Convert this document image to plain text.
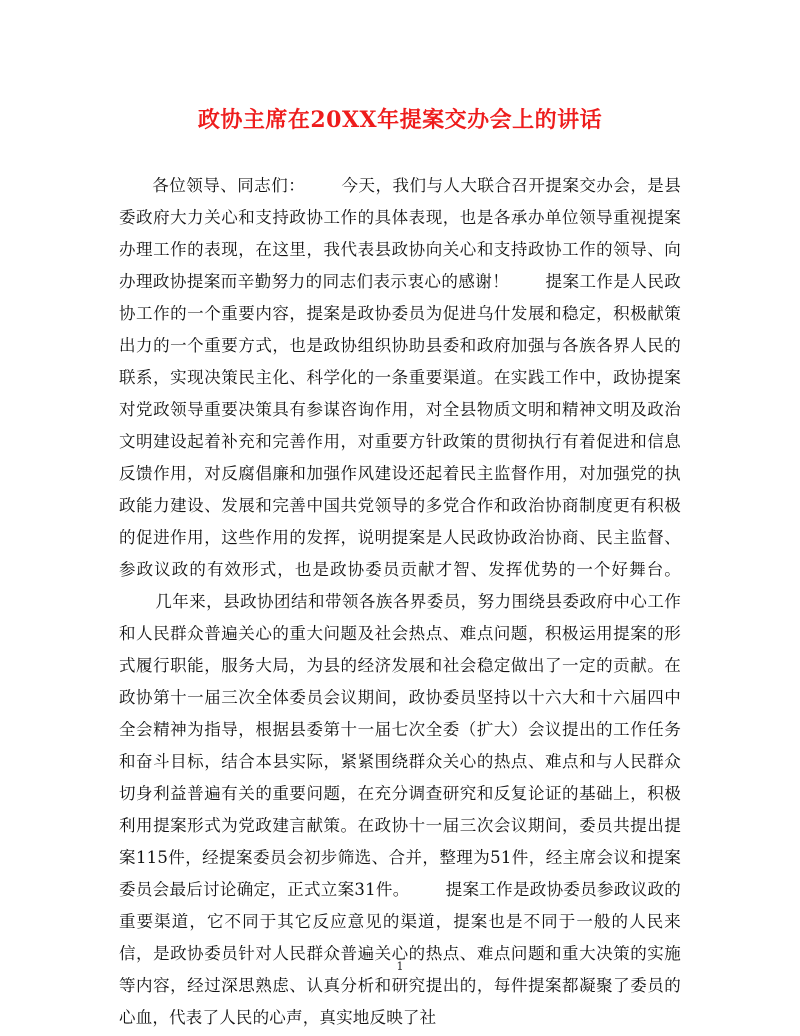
政协主席在20XX年提案交办会上的讲话
各位领导、同志们： 今天，我们与人大联合召开提案交办会，是县委政府大力关心和支持政协工作的具体表现，也是各承办单位领导重视提案办理工作的表现，在这里，我代表县政协向关心和支持政协工作的领导、向办理政协提案而辛勤努力的同志们表示衷心的感谢！ 提案工作是人民政协工作的一个重要内容，提案是政协委员为促进乌什发展和稳定，积极献策出力的一个重要方式，也是政协组织协助县委和政府加强与各族各界人民的联系，实现决策民主化、科学化的一条重要渠道。在实践工作中，政协提案对党政领导重要决策具有参谋咨询作用，对全县物质文明和精神文明及政治文明建设起着补充和完善作用，对重要方针政策的贯彻执行有着促进和信息反馈作用，对反腐倡廉和加强作风建设还起着民主监督作用，对加强党的执政能力建设、发展和完善中国共党领导的多党合作和政治协商制度更有积极的促进作用，这些作用的发挥，说明提案是人民政协政治协商、民主监督、参政议政的有效形式，也是政协委员贡献才智、发挥优势的一个好舞台。几年来，县政协团结和带领各族各界委员，努力围绕县委政府中心工作和人民群众普遍关心的重大问题及社会热点、难点问题，积极运用提案的形式履行职能，服务大局，为县的经济发展和社会稳定做出了一定的贡献。在政协第十一届三次全体委员会议期间，政协委员坚持以十六大和十六届四中全会精神为指导，根据县委第十一届七次全委（扩大）会议提出的工作任务和奋斗目标，结合本县实际，紧紧围绕群众关心的热点、难点和与人民群众切身利益普遍有关的重要问题，在充分调查研究和反复论证的基础上，积极利用提案形式为党政建言献策。在政协十一届三次会议期间，委员共提出提案115件，经提案委员会初步筛选、合并，整理为51件，经主席会议和提案委员会最后讨论确定，正式立案31件。 提案工作是政协委员参政议政的重要渠道，它不同于其它反应意见的渠道，提案也是不同于一般的人民来信，是政协委员针对人民群众普遍关心的热点、难点问题和重大决策的实施等内容，经过深思熟虑、认真分析和研究提出的，每件提案都凝聚了委员的心血，代表了人民的心声，真实地反映了社
1
